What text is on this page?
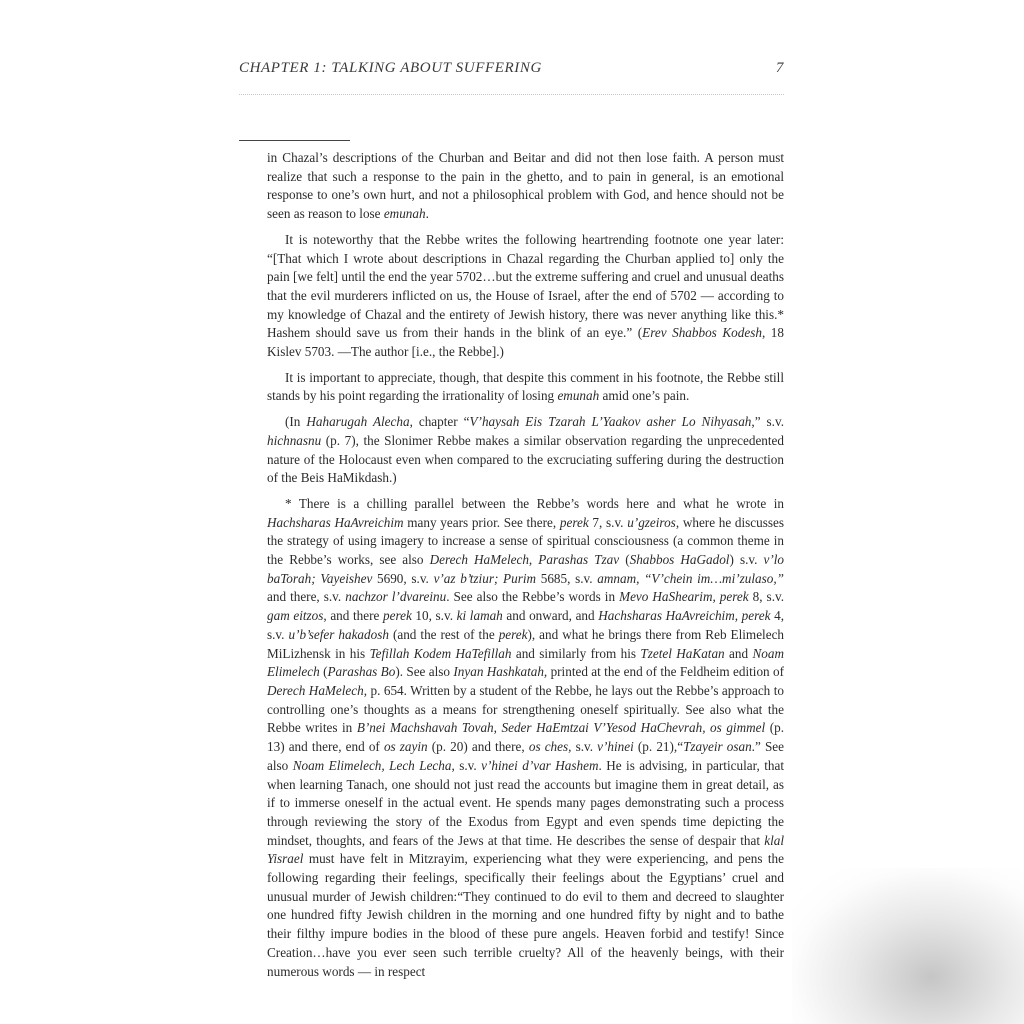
CHAPTER 1: TALKING ABOUT SUFFERING	7

in Chazal’s descriptions of the Churban and Beitar and did not then lose faith. A person must realize that such a response to the pain in the ghetto, and to pain in general, is an emotional response to one’s own hurt, and not a philosophical problem with God, and hence should not be seen as reason to lose emunah.

It is noteworthy that the Rebbe writes the following heartrending footnote one year later: “[That which I wrote about descriptions in Chazal regarding the Churban applied to] only the pain [we felt] until the end the year 5702…but the extreme suffering and cruel and unusual deaths that the evil murderers inflicted on us, the House of Israel, after the end of 5702 — according to my knowledge of Chazal and the entirety of Jewish history, there was never anything like this.* Hashem should save us from their hands in the blink of an eye.” (Erev Shabbos Kodesh, 18 Kislev 5703. —The author [i.e., the Rebbe].)

It is important to appreciate, though, that despite this comment in his footnote, the Rebbe still stands by his point regarding the irrationality of losing emunah amid one’s pain.

(In Haharugah Alecha, chapter “V’haysah Eis Tzarah L’Yaakov asher Lo Nihyasah,” s.v. hichnasnu (p. 7), the Slonimer Rebbe makes a similar observation regarding the unprecedented nature of the Holocaust even when compared to the excruciating suffering during the destruction of the Beis HaMikdash.)

* There is a chilling parallel between the Rebbe’s words here and what he wrote in Hachsharas HaAvreichim many years prior. See there, perek 7, s.v. u’gzeiros, where he discusses the strategy of using imagery to increase a sense of spiritual consciousness (a common theme in the Rebbe’s works, see also Derech HaMelech, Parashas Tzav (Shabbos HaGadol) s.v. v’lo baTorah; Vayeishev 5690, s.v. v’az b’tziur; Purim 5685, s.v. amnam, “V’chein im…mi’zulaso,” and there, s.v. nachzor l’dvareinu. See also the Rebbe’s words in Mevo HaShearim, perek 8, s.v. gam eitzos, and there perek 10, s.v. ki lamah and onward, and Hachsharas HaAvreichim, perek 4, s.v. u’b’sefer hakadosh (and the rest of the perek), and what he brings there from Reb Elimelech MiLizhensk in his Tefillah Kodem HaTefillah and similarly from his Tzetel HaKatan and Noam Elimelech (Parashas Bo). See also Inyan Hashkatah, printed at the end of the Feldheim edition of Derech HaMelech, p. 654. Written by a student of the Rebbe, he lays out the Rebbe’s approach to controlling one’s thoughts as a means for strengthening oneself spiritually. See also what the Rebbe writes in B’nei Machshavah Tovah, Seder HaEmtzai V’Yesod HaChevrah, os gimmel (p. 13) and there, end of os zayin (p. 20) and there, os ches, s.v. v’hinei (p. 21),“Tzayeir osan.” See also Noam Elimelech, Lech Lecha, s.v. v’hinei d’var Hashem. He is advising, in particular, that when learning Tanach, one should not just read the accounts but imagine them in great detail, as if to immerse oneself in the actual event. He spends many pages demonstrating such a process through reviewing the story of the Exodus from Egypt and even spends time depicting the mindset, thoughts, and fears of the Jews at that time. He describes the sense of despair that klal Yisrael must have felt in Mitzrayim, experiencing what they were experiencing, and pens the following regarding their feelings, specifically their feelings about the Egyptians’ cruel and unusual murder of Jewish children:“They continued to do evil to them and decreed to slaughter one hundred fifty Jewish children in the morning and one hundred fifty by night and to bathe their filthy impure bodies in the blood of these pure angels. Heaven forbid and testify! Since Creation…have you ever seen such terrible cruelty? All of the heavenly beings, with their numerous words — in respect
